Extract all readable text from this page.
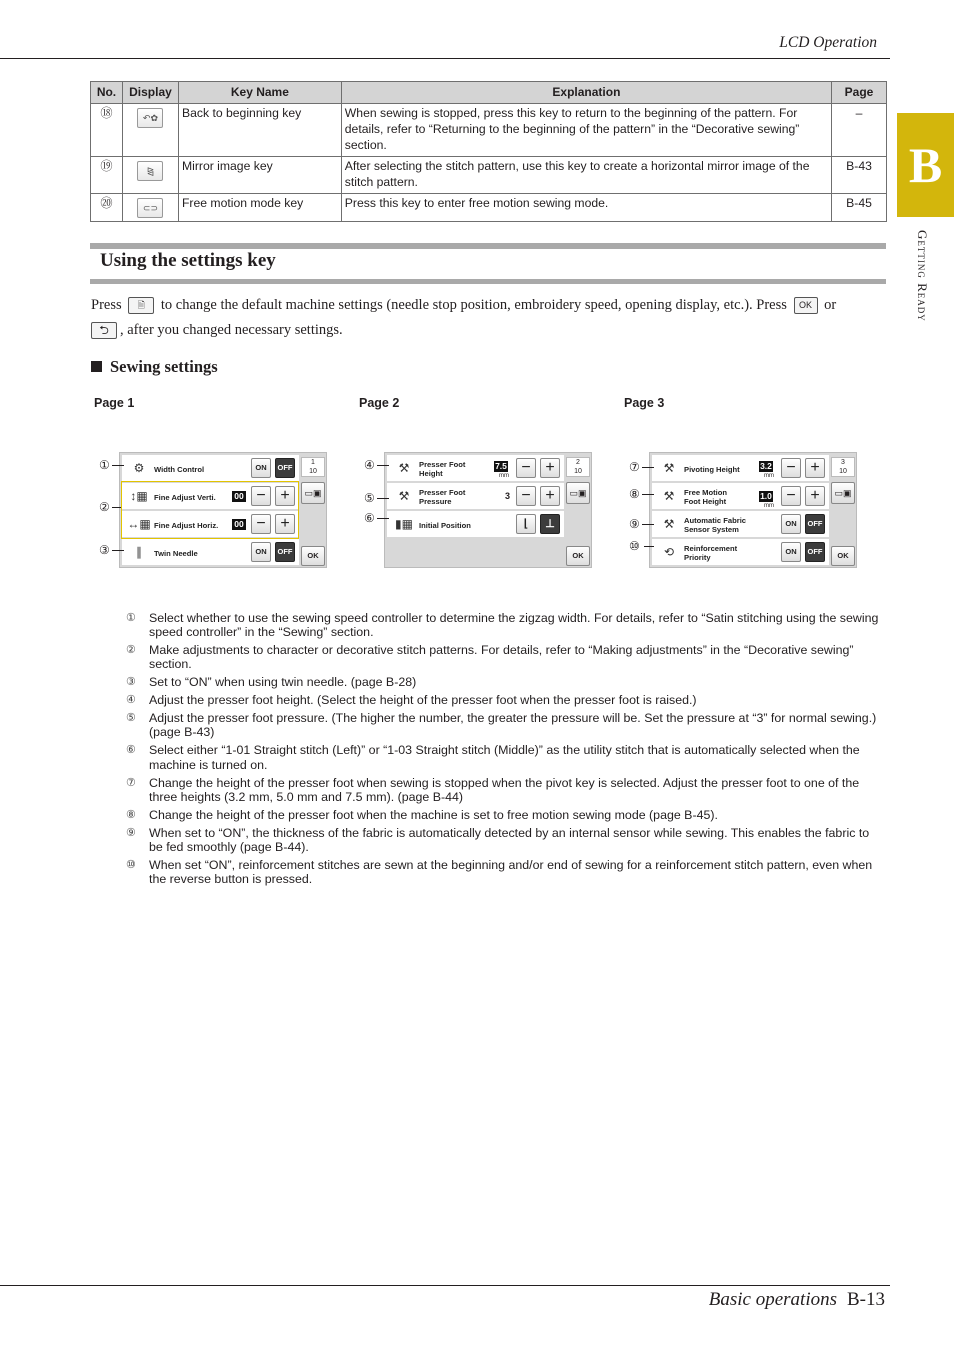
LCD Operation
B
Getting Ready
No.	Display	Key Name	Explanation	Page
⑱	↶✿	Back to beginning key	When sewing is stopped, press this key to return to the beginning of the pattern. For details, refer to “Returning to the beginning of the pattern” in the “Decorative sewing” section.	–
⑲	⧎	Mirror image key	After selecting the stitch pattern, use this key to create a horizontal mirror image of the stitch pattern.	B-43
⑳	⊂⊃	Free motion mode key	Press this key to enter free motion sewing mode.	B-45
Using the settings key
Press 🗎 to change the default machine settings (needle stop position, embroidery speed, opening display, etc.). Press OK or
⮌ , after you changed necessary settings.
Sewing settings
Page 1	Page 2	Page 3
⚙	Width Control	ON	OFF
↕▦ Fine Adjust Verti. 00 − +
↔▦ Fine Adjust Horiz. 00 − +
∥	Twin Needle	ON	OFF
1
10
▭▣
OK
⚒	Presser Foot
Height
7.5
mm − +
⚒	Presser Foot
Pressure
3 − +
▮▦ Initial Position	⌊	⊥
2
10
▭▣
OK
⚒	Pivoting Height 3.2
mm − +
⚒	Free Motion
Foot Height
1.0
mm
− +
⚒	Automatic Fabric
Sensor System
ON	OFF
⟲	Reinforcement
Priority
ON	OFF
3
10
▭▣
OK
①
②
③
④
⑤
⑥
⑦
⑧
⑨
⑩
①	Select whether to use the sewing speed controller to determine the zigzag width. For details, refer to “Satin stitching using the sewing speed controller” in the “Sewing” section.
②	Make adjustments to character or decorative stitch patterns. For details, refer to “Making adjustments” in the “Decorative sewing” section.
③	Set to “ON” when using twin needle. (page B-28)
④	Adjust the presser foot height. (Select the height of the presser foot when the presser foot is raised.)
⑤	Adjust the presser foot pressure. (The higher the number, the greater the pressure will be. Set the pressure at “3” for normal sewing.) (page B-43)
⑥	Select either “1-01 Straight stitch (Left)” or “1-03 Straight stitch (Middle)” as the utility stitch that is automatically selected when the machine is turned on.
⑦	Change the height of the presser foot when sewing is stopped when the pivot key is selected. Adjust the presser foot to one of the three heights (3.2 mm, 5.0 mm and 7.5 mm). (page B-44)
⑧	Change the height of the presser foot when the machine is set to free motion sewing mode (page B-45).
⑨	When set to “ON”, the thickness of the fabric is automatically detected by an internal sensor while sewing. This enables the fabric to be fed smoothly (page B-44).
⑩	When set “ON”, reinforcement stitches are sewn at the beginning and/or end of sewing for a reinforcement stitch pattern, even when the reverse button is pressed.
Basic operations B-13
